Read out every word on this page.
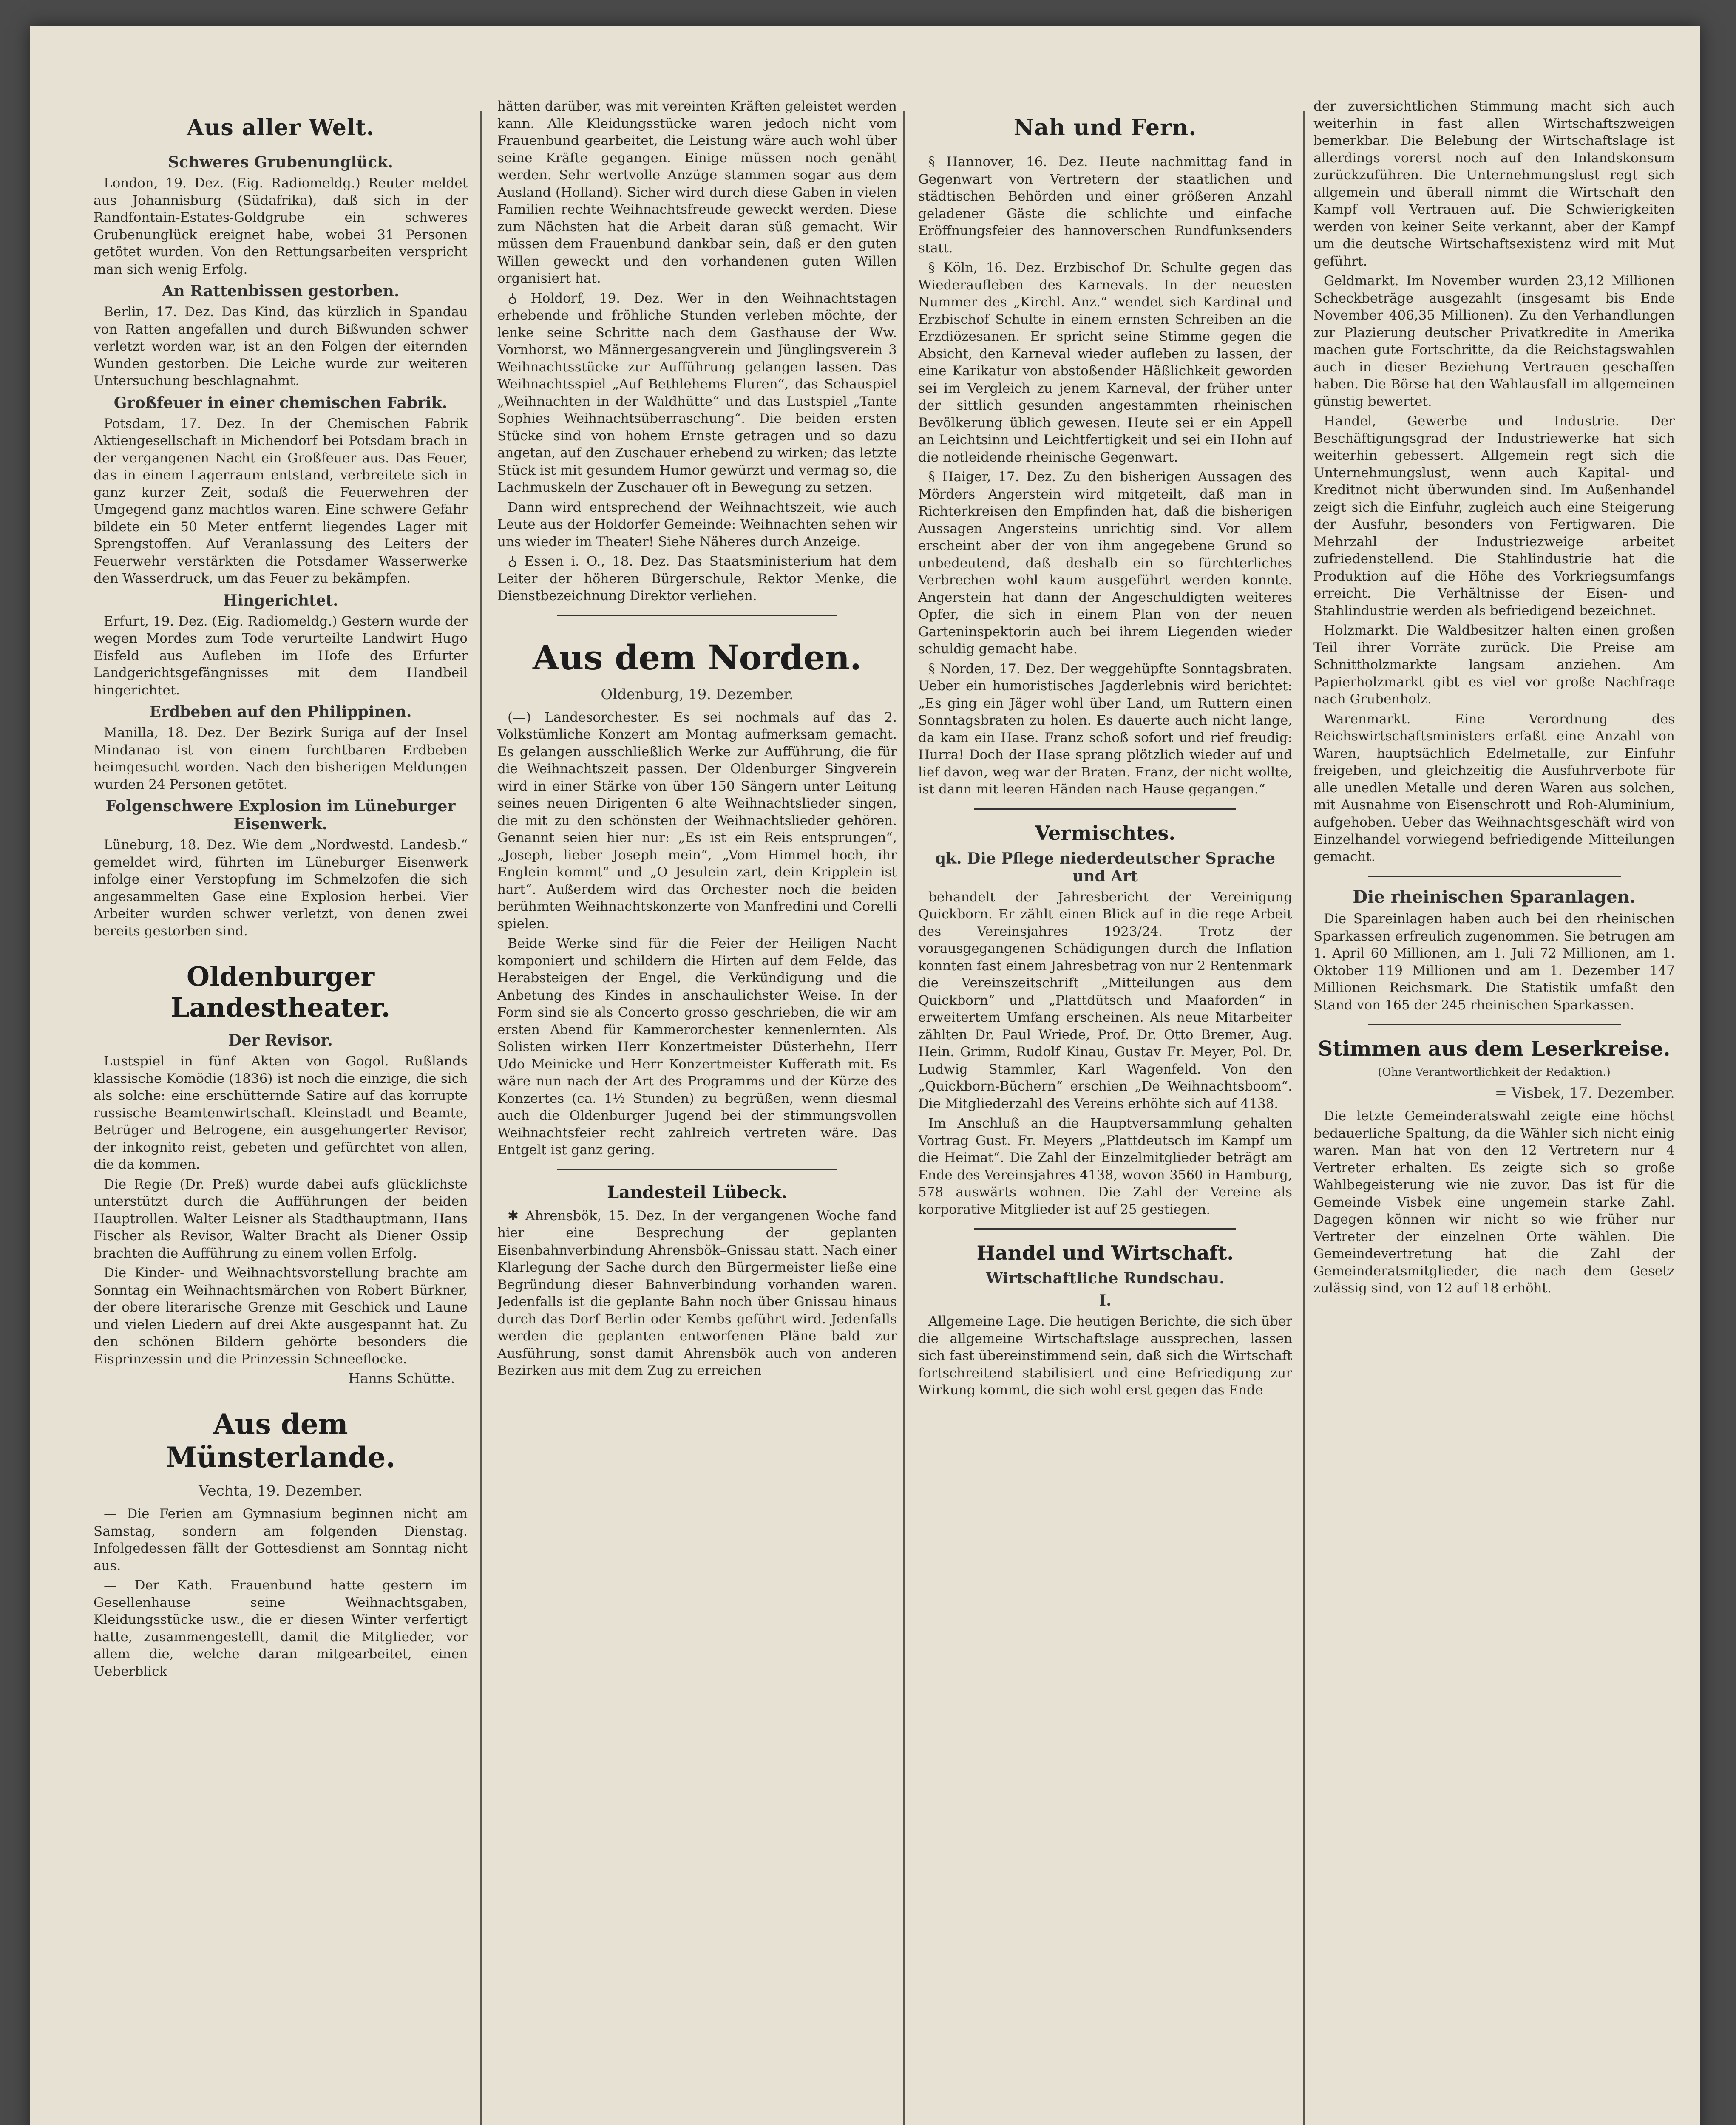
Aus aller Welt.
Schweres Grubenunglück.

London, 19. Dez. (Eig. Radiomeldg.) Reuter meldet aus Johannisburg (Südafrika), daß sich in der Randfontain-Estates-Goldgrube ein schweres Grubenunglück ereignet habe, wobei 31 Personen getötet wurden. Von den Rettungsarbeiten verspricht man sich wenig Erfolg.

An Rattenbissen gestorben.

Berlin, 17. Dez. Das Kind, das kürzlich in Spandau von Ratten angefallen und durch Bißwunden schwer verletzt worden war, ist an den Folgen der eiternden Wunden gestorben. Die Leiche wurde zur weiteren Untersuchung beschlagnahmt.

Großfeuer in einer chemischen Fabrik.

Potsdam, 17. Dez. In der Chemischen Fabrik Aktiengesellschaft in Michendorf bei Potsdam brach in der vergangenen Nacht ein Großfeuer aus. Das Feuer, das in einem Lagerraum entstand, verbreitete sich in ganz kurzer Zeit, sodaß die Feuerwehren der Umgegend ganz machtlos waren. Eine schwere Gefahr bildete ein 50 Meter entfernt liegendes Lager mit Sprengstoffen. Auf Veranlassung des Leiters der Feuerwehr verstärkten die Potsdamer Wasserwerke den Wasserdruck, um das Feuer zu bekämpfen.

Hingerichtet.

Erfurt, 19. Dez. (Eig. Radiomeldg.) Gestern wurde der wegen Mordes zum Tode verurteilte Landwirt Hugo Eisfeld aus Aufleben im Hofe des Erfurter Landgerichtsgefängnisses mit dem Handbeil hingerichtet.

Erdbeben auf den Philippinen.

Manilla, 18. Dez. Der Bezirk Suriga auf der Insel Mindanao ist von einem furchtbaren Erdbeben heimgesucht worden. Nach den bisherigen Meldungen wurden 24 Personen getötet.

Folgenschwere Explosion im Lüneburger Eisenwerk.

Lüneburg, 18. Dez. Wie dem „Nordwestd. Landesb.“ gemeldet wird, führten im Lüneburger Eisenwerk infolge einer Verstopfung im Schmelzofen die sich angesammelten Gase eine Explosion herbei. Vier Arbeiter wurden schwer verletzt, von denen zwei bereits gestorben sind.

Oldenburger Landestheater.
Der Revisor.

Lustspiel in fünf Akten von Gogol. Rußlands klassische Komödie (1836) ist noch die einzige, die sich als solche: eine erschütternde Satire auf das korrupte russische Beamtenwirtschaft. Kleinstadt und Beamte, Betrüger und Betrogene, ein ausgehungerter Revisor, der inkognito reist, gebeten und gefürchtet von allen, die da kommen.

Die Regie (Dr. Preß) wurde dabei aufs glücklichste unterstützt durch die Aufführungen der beiden Hauptrollen. Walter Leisner als Stadthauptmann, Hans Fischer als Revisor, Walter Bracht als Diener Ossip brachten die Aufführung zu einem vollen Erfolg.

Die Kinder- und Weihnachtsvorstellung brachte am Sonntag ein Weihnachtsmärchen von Robert Bürkner, der obere literarische Grenze mit Geschick und Laune und vielen Liedern auf drei Akte ausgespannt hat. Zu den schönen Bildern gehörte besonders die Eisprinzessin und die Prinzessin Schneeflocke.

Hanns Schütte.
Aus dem Münsterlande.
Vechta, 19. Dezember.

— Die Ferien am Gymnasium beginnen nicht am Samstag, sondern am folgenden Dienstag. Infolgedessen fällt der Gottesdienst am Sonntag nicht aus.

— Der Kath. Frauenbund hatte gestern im Gesellenhause seine Weihnachtsgaben, Kleidungsstücke usw., die er diesen Winter verfertigt hatte, zusammengestellt, damit die Mitglieder, vor allem die, welche daran mitgearbeitet, einen Ueberblick

hätten darüber, was mit vereinten Kräften geleistet werden kann. Alle Kleidungsstücke waren jedoch nicht vom Frauenbund gearbeitet, die Leistung wäre auch wohl über seine Kräfte gegangen. Einige müssen noch genäht werden. Sehr wertvolle Anzüge stammen sogar aus dem Ausland (Holland). Sicher wird durch diese Gaben in vielen Familien rechte Weihnachtsfreude geweckt werden. Diese zum Nächsten hat die Arbeit daran süß gemacht. Wir müssen dem Frauenbund dankbar sein, daß er den guten Willen geweckt und den vorhandenen guten Willen organisiert hat.

♁ Holdorf, 19. Dez. Wer in den Weihnachtstagen erhebende und fröhliche Stunden verleben möchte, der lenke seine Schritte nach dem Gasthause der Ww. Vornhorst, wo Männergesangverein und Jünglingsverein 3 Weihnachtsstücke zur Aufführung gelangen lassen. Das Weihnachtsspiel „Auf Bethlehems Fluren“, das Schauspiel „Weihnachten in der Waldhütte“ und das Lustspiel „Tante Sophies Weihnachtsüberraschung“. Die beiden ersten Stücke sind von hohem Ernste getragen und so dazu angetan, auf den Zuschauer erhebend zu wirken; das letzte Stück ist mit gesundem Humor gewürzt und vermag so, die Lachmuskeln der Zuschauer oft in Bewegung zu setzen.

Dann wird entsprechend der Weihnachtszeit, wie auch Leute aus der Holdorfer Gemeinde: Weihnachten sehen wir uns wieder im Theater! Siehe Näheres durch Anzeige.

♁ Essen i. O., 18. Dez. Das Staatsministerium hat dem Leiter der höheren Bürgerschule, Rektor Menke, die Dienstbezeichnung Direktor verliehen.

Aus dem Norden.
Oldenburg, 19. Dezember.

(—) Landesorchester. Es sei nochmals auf das 2. Volkstümliche Konzert am Montag aufmerksam gemacht. Es gelangen ausschließlich Werke zur Aufführung, die für die Weihnachtszeit passen. Der Oldenburger Singverein wird in einer Stärke von über 150 Sängern unter Leitung seines neuen Dirigenten 6 alte Weihnachtslieder singen, die mit zu den schönsten der Weihnachtslieder gehören. Genannt seien hier nur: „Es ist ein Reis entsprungen“, „Joseph, lieber Joseph mein“, „Vom Himmel hoch, ihr Englein kommt“ und „O Jesulein zart, dein Kripplein ist hart“. Außerdem wird das Orchester noch die beiden berühmten Weihnachtskonzerte von Manfredini und Corelli spielen.

Beide Werke sind für die Feier der Heiligen Nacht komponiert und schildern die Hirten auf dem Felde, das Herabsteigen der Engel, die Verkündigung und die Anbetung des Kindes in anschaulichster Weise. In der Form sind sie als Concerto grosso geschrieben, die wir am ersten Abend für Kammerorchester kennenlernten. Als Solisten wirken Herr Konzertmeister Düsterhehn, Herr Udo Meinicke und Herr Konzertmeister Kufferath mit. Es wäre nun nach der Art des Programms und der Kürze des Konzertes (ca. 1½ Stunden) zu begrüßen, wenn diesmal auch die Oldenburger Jugend bei der stimmungsvollen Weihnachtsfeier recht zahlreich vertreten wäre. Das Entgelt ist ganz gering.

Landesteil Lübeck.

✱ Ahrensbök, 15. Dez. In der vergangenen Woche fand hier eine Besprechung der geplanten Eisenbahnverbindung Ahrensbök–Gnissau statt. Nach einer Klarlegung der Sache durch den Bürgermeister ließe eine Begründung dieser Bahnverbindung vorhanden waren. Jedenfalls ist die geplante Bahn noch über Gnissau hinaus durch das Dorf Berlin oder Kembs geführt wird. Jedenfalls werden die geplanten entworfenen Pläne bald zur Ausführung, sonst damit Ahrensbök auch von anderen Bezirken aus mit dem Zug zu erreichen

Nah und Fern.

§ Hannover, 16. Dez. Heute nachmittag fand in Gegenwart von Vertretern der staatlichen und städtischen Behörden und einer größeren Anzahl geladener Gäste die schlichte und einfache Eröffnungsfeier des hannoverschen Rundfunksenders statt.

§ Köln, 16. Dez. Erzbischof Dr. Schulte gegen das Wiederaufleben des Karnevals. In der neuesten Nummer des „Kirchl. Anz.“ wendet sich Kardinal und Erzbischof Schulte in einem ernsten Schreiben an die Erzdiözesanen. Er spricht seine Stimme gegen die Absicht, den Karneval wieder aufleben zu lassen, der eine Karikatur von abstoßender Häßlichkeit geworden sei im Vergleich zu jenem Karneval, der früher unter der sittlich gesunden angestammten rheinischen Bevölkerung üblich gewesen. Heute sei er ein Appell an Leichtsinn und Leichtfertigkeit und sei ein Hohn auf die notleidende rheinische Gegenwart.

§ Haiger, 17. Dez. Zu den bisherigen Aussagen des Mörders Angerstein wird mitgeteilt, daß man in Richterkreisen den Empfinden hat, daß die bisherigen Aussagen Angersteins unrichtig sind. Vor allem erscheint aber der von ihm angegebene Grund so unbedeutend, daß deshalb ein so fürchterliches Verbrechen wohl kaum ausgeführt werden konnte. Angerstein hat dann der Angeschuldigten weiteres Opfer, die sich in einem Plan von der neuen Garteninspektorin auch bei ihrem Liegenden wieder schuldig gemacht habe.

§ Norden, 17. Dez. Der weggehüpfte Sonntagsbraten. Ueber ein humoristisches Jagderlebnis wird berichtet: „Es ging ein Jäger wohl über Land, um Ruttern einen Sonntagsbraten zu holen. Es dauerte auch nicht lange, da kam ein Hase. Franz schoß sofort und rief freudig: Hurra! Doch der Hase sprang plötzlich wieder auf und lief davon, weg war der Braten. Franz, der nicht wollte, ist dann mit leeren Händen nach Hause gegangen.“

Vermischtes.
qk. Die Pflege niederdeutscher Sprache und Art

behandelt der Jahresbericht der Vereinigung Quickborn. Er zählt einen Blick auf in die rege Arbeit des Vereinsjahres 1923/24. Trotz der vorausgegangenen Schädigungen durch die Inflation konnten fast einem Jahresbetrag von nur 2 Rentenmark die Vereinszeitschrift „Mitteilungen aus dem Quickborn“ und „Plattdütsch und Maaforden“ in erweitertem Umfang erscheinen. Als neue Mitarbeiter zählten Dr. Paul Wriede, Prof. Dr. Otto Bremer, Aug. Hein. Grimm, Rudolf Kinau, Gustav Fr. Meyer, Pol. Dr. Ludwig Stammler, Karl Wagenfeld. Von den „Quickborn-Büchern“ erschien „De Weihnachtsboom“. Die Mitgliederzahl des Vereins erhöhte sich auf 4138.

Im Anschluß an die Hauptversammlung gehalten Vortrag Gust. Fr. Meyers „Plattdeutsch im Kampf um die Heimat“. Die Zahl der Einzelmitglieder beträgt am Ende des Vereinsjahres 4138, wovon 3560 in Hamburg, 578 auswärts wohnen. Die Zahl der Vereine als korporative Mitglieder ist auf 25 gestiegen.

Handel und Wirtschaft.
Wirtschaftliche Rundschau.
I.

Allgemeine Lage. Die heutigen Berichte, die sich über die allgemeine Wirtschaftslage aussprechen, lassen sich fast übereinstimmend sein, daß sich die Wirtschaft fortschreitend stabilisiert und eine Befriedigung zur Wirkung kommt, die sich wohl erst gegen das Ende

der zuversichtlichen Stimmung macht sich auch weiterhin in fast allen Wirtschaftszweigen bemerkbar. Die Belebung der Wirtschaftslage ist allerdings vorerst noch auf den Inlandskonsum zurückzuführen. Die Unternehmungslust regt sich allgemein und überall nimmt die Wirtschaft den Kampf voll Vertrauen auf. Die Schwierigkeiten werden von keiner Seite verkannt, aber der Kampf um die deutsche Wirtschaftsexistenz wird mit Mut geführt.

Geldmarkt. Im November wurden 23,12 Millionen Scheckbeträge ausgezahlt (insgesamt bis Ende November 406,35 Millionen). Zu den Verhandlungen zur Plazierung deutscher Privatkredite in Amerika machen gute Fortschritte, da die Reichstagswahlen auch in dieser Beziehung Vertrauen geschaffen haben. Die Börse hat den Wahlausfall im allgemeinen günstig bewertet.

Handel, Gewerbe und Industrie. Der Beschäftigungsgrad der Industriewerke hat sich weiterhin gebessert. Allgemein regt sich die Unternehmungslust, wenn auch Kapital- und Kreditnot nicht überwunden sind. Im Außenhandel zeigt sich die Einfuhr, zugleich auch eine Steigerung der Ausfuhr, besonders von Fertigwaren. Die Mehrzahl der Industriezweige arbeitet zufriedenstellend. Die Stahlindustrie hat die Produktion auf die Höhe des Vorkriegsumfangs erreicht. Die Verhältnisse der Eisen- und Stahlindustrie werden als befriedigend bezeichnet.

Holzmarkt. Die Waldbesitzer halten einen großen Teil ihrer Vorräte zurück. Die Preise am Schnittholzmarkte langsam anziehen. Am Papierholzmarkt gibt es viel vor große Nachfrage nach Grubenholz.

Warenmarkt. Eine Verordnung des Reichswirtschaftsministers erfaßt eine Anzahl von Waren, hauptsächlich Edelmetalle, zur Einfuhr freigeben, und gleichzeitig die Ausfuhrverbote für alle unedlen Metalle und deren Waren aus solchen, mit Ausnahme von Eisenschrott und Roh-Aluminium, aufgehoben. Ueber das Weihnachtsgeschäft wird von Einzelhandel vorwiegend befriedigende Mitteilungen gemacht.

Die rheinischen Sparanlagen.

Die Spareinlagen haben auch bei den rheinischen Sparkassen erfreulich zugenommen. Sie betrugen am 1. April 60 Millionen, am 1. Juli 72 Millionen, am 1. Oktober 119 Millionen und am 1. Dezember 147 Millionen Reichsmark. Die Statistik umfaßt den Stand von 165 der 245 rheinischen Sparkassen.

Stimmen aus dem Leserkreise.
(Ohne Verantwortlichkeit der Redaktion.)
= Visbek, 17. Dezember.

Die letzte Gemeinderatswahl zeigte eine höchst bedauerliche Spaltung, da die Wähler sich nicht einig waren. Man hat von den 12 Vertretern nur 4 Vertreter erhalten. Es zeigte sich so große Wahlbegeisterung wie nie zuvor. Das ist für die Gemeinde Visbek eine ungemein starke Zahl. Dagegen können wir nicht so wie früher nur Vertreter der einzelnen Orte wählen. Die Gemeindevertretung hat die Zahl der Gemeinderatsmitglieder, die nach dem Gesetz zulässig sind, von 12 auf 18 erhöht.
